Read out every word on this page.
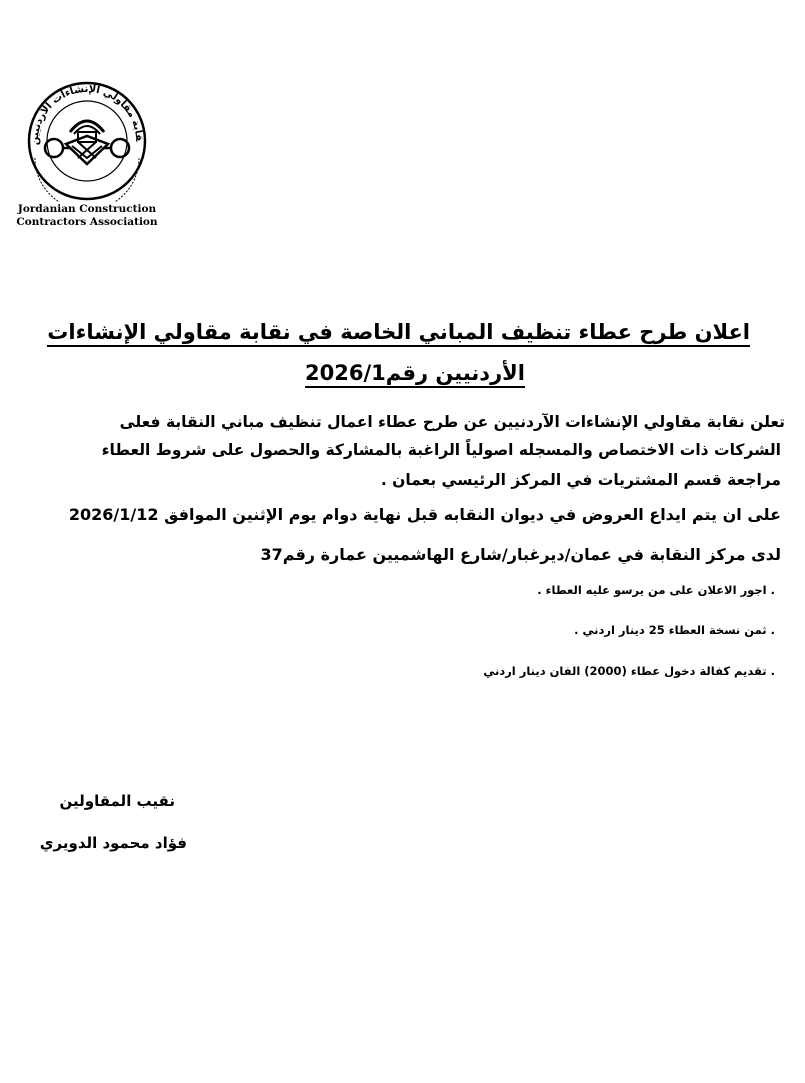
قابة مقاولي الإنشاءات الأردنيين
Jordanian Construction
Contractors Association
اعلان طرح عطاء تنظيف المباني الخاصة في نقابة مقاولي الإنشاءات
الأردنيين رقم2026/1
تعلن نقابة مقاولي الإنشاءات الآردنيين عن طرح عطاء اعمال تنظيف مباني النقابة فعلى
الشركات ذات الاختصاص والمسجله اصولياً الراغبة بالمشاركة والحصول على شروط العطاء
مراجعة قسم المشتريات في المركز الرئيسي بعمان .
على ان يتم ايداع العروض في ديوان النقابه قبل نهاية دوام يوم الإثنين الموافق 2026/1/12
لدى مركز النقابة في عمان/ديرغبار/شارع الهاشميين عمارة رقم37
. اجور الاعلان على من يرسو عليه العطاء .
. ثمن نسخة العطاء 25 دينار اردني .
. تقديم كفالة دخول عطاء (2000) الفان دينار اردني
نقيب المقاولين
فؤاد محمود الدويري
